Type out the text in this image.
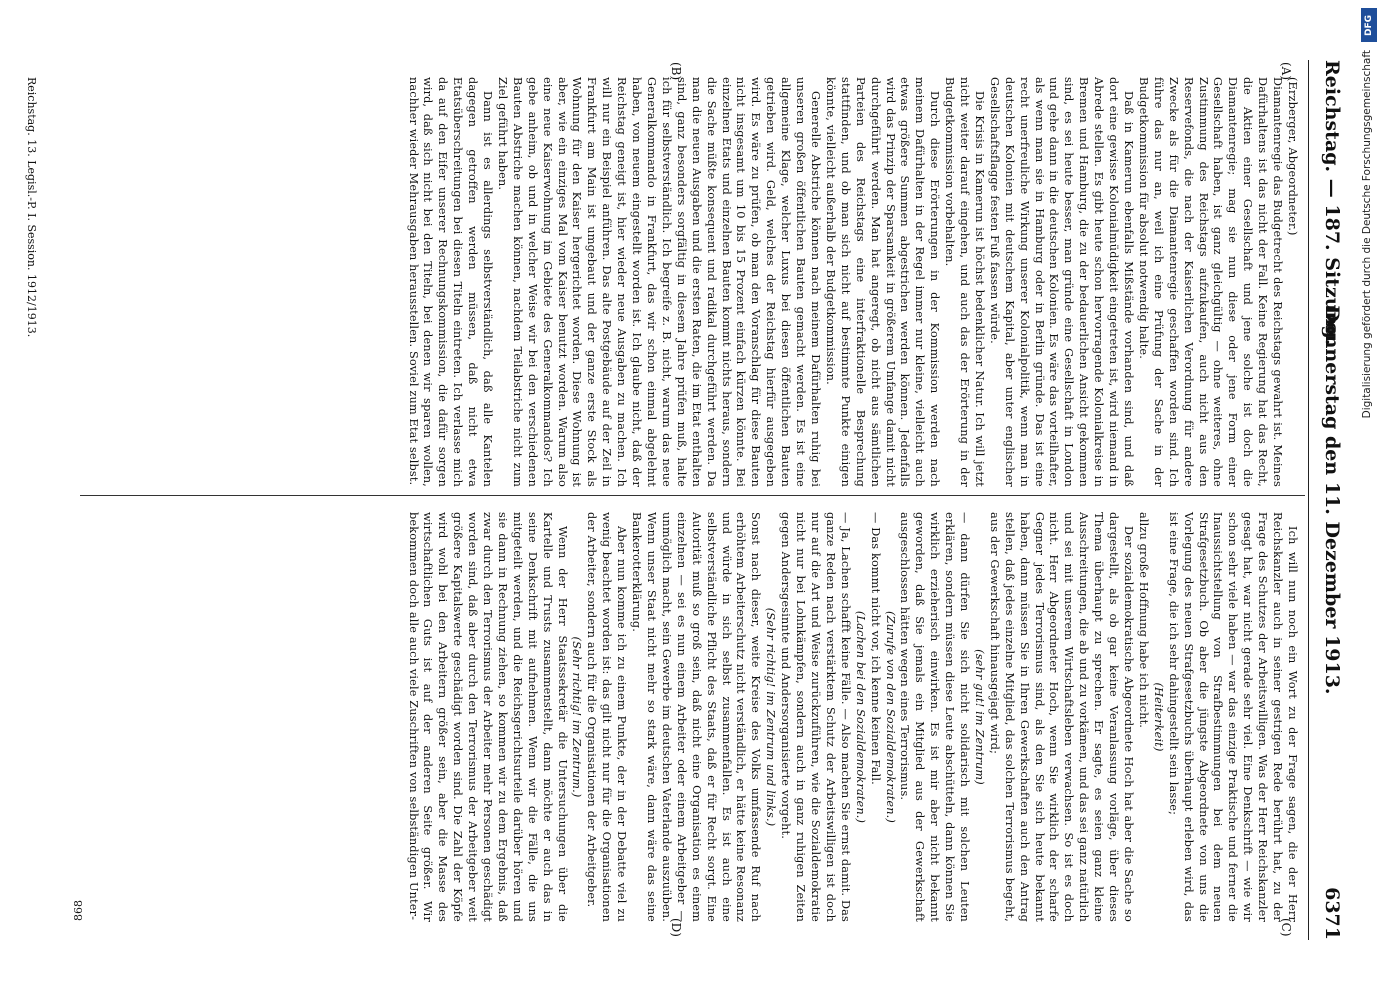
Reichstag. — 187. Sitzung.
Donnerstag den 11. Dezember 1913.
6371
(A)
(B)
(C)
(D)

(Erzberger, Abgeordneter.)

Diamantenregie das Budgetrecht des Reichstags gewahrt ist. Meines Dafürhaltens ist das nicht der Fall. Keine Regierung hat das Recht, die Aktien einer Gesellschaft und jene solche ist doch die Diamantenregie; mag sie nun diese oder jene Form einer Gesellschaft haben, ist ganz gleichgültig — ohne weiteres, ohne Zustimmung des Reichstags aufzukaufen, auch nicht aus den Reservefonds, die nach der Kaiserlichen Verordnung für andere Zwecke als für die Diamantenregie geschaffen worden sind. Ich führe das nur an, weil ich eine Prüfung der Sache in der Budgetkommission für absolut notwendig halte.

Daß in Kamerun ebenfalls Mißstände vorhanden sind, und daß dort eine gewisse Kolonialmüdigkeit eingetreten ist, wird niemand in Abrede stellen. Es gibt heute schon hervorragende Kolonialkreise in Bremen und Hamburg, die zu der bedauerlichen Ansicht gekommen sind, es sei heute besser, man gründe eine Gesellschaft in London und gehe dann in die deutschen Kolonien. Es wäre das vorteilhafter, als wenn man sie in Hamburg oder in Berlin gründe. Das ist eine recht unerfreuliche Wirkung unserer Kolonialpolitik, wenn man in deutschen Kolonien mit deutschem Kapital, aber unter englischer Gesellschaftsflagge festen Fuß fassen würde.

Die Krisis in Kamerun ist höchst bedenklicher Natur. Ich will jetzt nicht weiter darauf eingehen, und auch das der Erörterung in der Budgetkommission vorbehalten.

Durch diese Erörterungen in der Kommission werden nach meinem Dafürhalten in der Regel immer nur kleine, vielleicht auch etwas größere Summen abgestrichen werden können. Jedenfalls wird das Prinzip der Sparsamkeit in größerem Umfange damit nicht durchgeführt werden. Man hat angeregt, ob nicht aus sämtlichen Parteien des Reichstags eine interfraktionelle Besprechung stattfinden, und ob man sich nicht auf bestimmte Punkte einigen könnte, vielleicht außerhalb der Budgetkommission.

Generelle Abstriche können nach meinem Dafürhalten ruhig bei unseren großen öffentlichen Bauten gemacht werden. Es ist eine allgemeine Klage, welcher Luxus bei diesen öffentlichen Bauten getrieben wird. Geld, welches der Reichstag hierfür ausgegeben wird. Es wäre zu prüfen, ob man den Voranschlag für diese Bauten nicht insgesamt um 10 bis 15 Prozent einfach kürzen könnte. Bei einzelnen Etats und einzelnen Bauten kommt nichts heraus, sondern die Sache müßte konsequent und radikal durchgeführt werden. Da man die neuen Ausgaben und die ersten Raten, die im Etat enthalten sind, ganz besonders sorgfältig in diesem Jahre prüfen muß, halte ich für selbstverständlich. Ich begreife z. B. nicht, warum das neue Generalkommando in Frankfurt, das wir schon einmal abgelehnt haben, von neuem eingestellt worden ist. Ich glaube nicht, daß der Reichstag geneigt ist, hier wieder neue Ausgaben zu machen. Ich will nur ein Beispiel anführen. Das alte Postgebäude auf der Zeil in Frankfurt am Main ist umgebaut und der ganze erste Stock als Wohnung für den Kaiser hergerichtet worden. Diese Wohnung ist aber, wie ein einziges Mal vom Kaiser benutzt worden. Warum also eine neue Kaiserwohnung im Gebiete des Generalkommandos? Ich gebe anheim, ob und in welcher Weise wir bei den verschiedenen Bauten Abstriche machen können, nachdem Teilabstriche nicht zum Ziel geführt haben.

Dann ist es allerdings selbstverständlich, daß alle Kantelen dagegen getroffen werden müssen, daß nicht etwa Etatsüberschreitungen bei diesen Titeln eintreten. Ich verlasse mich da auf den Eifer unserer Rechnungskommission, die dafür sorgen wird, daß sich nicht bei den Titeln, bei denen wir sparen wollen, nachher wieder Mehrausgaben herausstellen. Soviel zum Etat selbst.

Ich will nun noch ein Wort zu der Frage sagen, die der Herr Reichskanzler auch in seiner gestrigen Rede berührt hat, zu der Frage des Schutzes der Arbeitswilligen. Was der Herr Reichskanzler gesagt hat, war nicht gerade sehr viel. Eine Denkschrift — wie wir schon sehr viele haben — war das einzige Praktische und ferner die Inaussichtstellung von Strafbestimmungen bei dem neuen Strafgesetzbuch. Ob aber die jüngste Abgeordnete von uns die Vorlegung des neuen Strafgesetzbuchs überhaupt erleben wird, das ist eine Frage, die ich sehr dahingestellt sein lasse;

(Heiterkeit)

allzu große Hoffnung habe ich nicht.

Der sozialdemokratische Abgeordnete Hoch hat aber die Sache so dargestellt, als ob gar keine Veranlassung vorläge, über dieses Thema überhaupt zu sprechen. Er sagte, es seien ganz kleine Ausschreitungen, die ab und zu vorkämen, und das sei ganz natürlich und sei mit unserem Wirtschaftsleben verwachsen. So ist es doch nicht. Herr Abgeordneter Hoch, wenn Sie wirklich der scharfe Gegner jedes Terrorismus sind, als den Sie sich heute bekannt haben, dann müssen Sie in Ihren Gewerkschaften auch den Antrag stellen, daß jedes einzelne Mitglied, das solchen Terrorismus begeht, aus der Gewerkschaft hinausgejagt wird;

(sehr gut! im Zentrum)

— dann dürfen Sie sich nicht solidarisch mit solchen Leuten erklären, sondern müssen diese Leute abschütteln, dann können Sie wirklich erzieherisch einwirken. Es ist mir aber nicht bekannt geworden, daß Sie jemals ein Mitglied aus der Gewerkschaft ausgeschlossen hätten wegen eines Terrorismus.

(Zurufe von den Sozialdemokraten.)

— Das kommt nicht vor, ich kenne keinen Fall.

(Lachen bei den Sozialdemokraten.)

— Ja, Lachen schafft keine Fälle. — Also machen Sie ernst damit. Das ganze Reden nach verstärktem Schutz der Arbeitswilligen ist doch nur auf die Art und Weise zurückzuführen, wie die Sozialdemokratie nicht nur bei Lohnkämpfen, sondern auch in ganz ruhigen Zeiten gegen Andersgesinnte und Andersorganisierte vorgeht.

(Sehr richtig! im Zentrum und links.)

Sonst nach dieser, weite Kreise des Volks umfassende Ruf nach erhöhtem Arbeiterschutz nicht verständlich, er hätte keine Resonanz und würde in sich selbst zusammenfallen. Es ist auch eine selbstverständliche Pflicht des Staats, daß er für Recht sorgt. Eine Autorität muß so groß sein, daß nicht eine Organisation es einem einzelnen — sei es nun einem Arbeiter oder einem Arbeitgeber — unmöglich macht, sein Gewerbe im deutschen Vaterlande auszuüben. Wenn unser Staat nicht mehr so stark wäre, dann wäre das seine Bankerotterklärung.

Aber nun komme ich zu einem Punkte, der in der Debatte viel zu wenig beachtet worden ist: das gilt nicht nur für die Organisationen der Arbeiter, sondern auch für die Organisationen der Arbeitgeber.

(Sehr richtig! im Zentrum.)

Wenn der Herr Staatssekretär die Untersuchungen über die Kartelle und Trusts zusammenstellt, dann möchte er auch das in seine Denkschrift mit aufnehmen. Wenn wir die Fälle, die uns mitgeteilt werden, und die Reichsgerichtsurteile darüber hören und sie dann in Rechnung ziehen, so kommen wir zu dem Ergebnis, daß zwar durch den Terrorismus der Arbeiter mehr Personen geschädigt worden sind, daß aber durch den Terrorismus der Arbeitgeber weit größere Kapitalswerte geschädigt worden sind. Die Zahl der Köpfe wird wohl bei den Arbeitern größer sein, aber die Masse des wirtschaftlichen Guts ist auf der anderen Seite größer. Wir bekommen doch alle auch viele Zuschriften von selbständigen Unter-

Reichstag. 13. Legisl.-P. I. Session. 1912/1913.
868
DFG
Digitalisierung gefördert durch die Deutsche Forschungsgemeinschaft
